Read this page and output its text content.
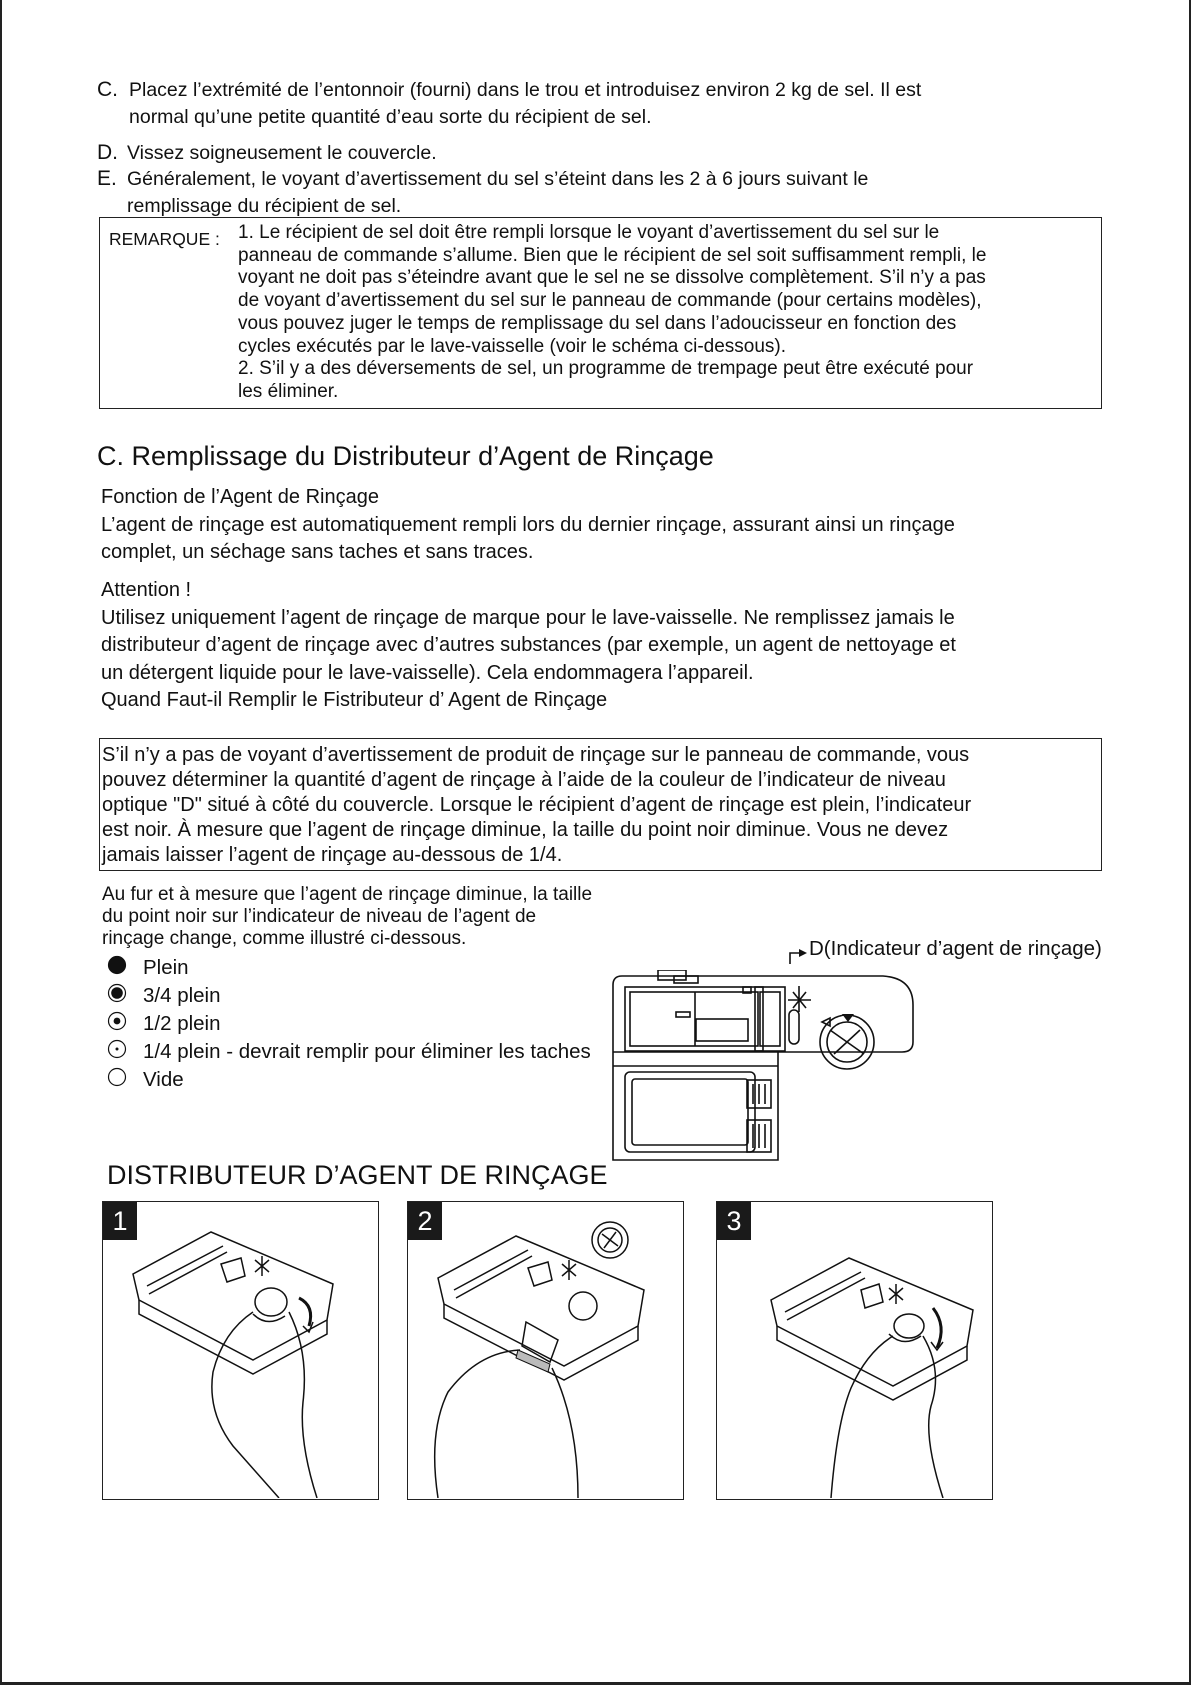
C. Placez l’extrémité de l’entonnoir (fourni) dans le trou et introduisez environ 2 kg de sel. Il est
normal qu’une petite quantité d’eau sorte du récipient de sel.
D. Vissez soigneusement le couvercle.
E. Généralement, le voyant d’avertissement du sel s’éteint dans les 2 à 6 jours suivant le
remplissage du récipient de sel.
REMARQUE : 1. Le récipient de sel doit être rempli lorsque le voyant d’avertissement du sel sur le
panneau de commande s’allume. Bien que le récipient de sel soit suffisamment rempli, le
voyant ne doit pas s’éteindre avant que le sel ne se dissolve complètement. S’il n’y a pas
de voyant d’avertissement du sel sur le panneau de commande (pour certains modèles),
vous pouvez juger le temps de remplissage du sel dans l’adoucisseur en fonction des
cycles exécutés par le lave-vaisselle (voir le schéma ci-dessous).
2. S’il y a des déversements de sel, un programme de trempage peut être exécuté pour
les éliminer.
C. Remplissage du Distributeur d’Agent de Rinçage
Fonction de l’Agent de Rinçage
L’agent de rinçage est automatiquement rempli lors du dernier rinçage, assurant ainsi un rinçage
complet, un séchage sans taches et sans traces.
Attention !
Utilisez uniquement l’agent de rinçage de marque pour le lave-vaisselle. Ne remplissez jamais le
distributeur d’agent de rinçage avec d’autres substances (par exemple, un agent de nettoyage et
un détergent liquide pour le lave-vaisselle). Cela endommagera l’appareil.
Quand Faut-il Remplir le Fistributeur d’ Agent de Rinçage
S’il n’y a pas de voyant d’avertissement de produit de rinçage sur le panneau de commande, vous
pouvez déterminer la quantité d’agent de rinçage à l’aide de la couleur de l’indicateur de niveau
optique "D" situé à côté du couvercle. Lorsque le récipient d’agent de rinçage est plein, l’indicateur
est noir. À mesure que l’agent de rinçage diminue, la taille du point noir diminue. Vous ne devez
jamais laisser l’agent de rinçage au-dessous de 1/4.
Au fur et à mesure que l’agent de rinçage diminue, la taille
du point noir sur l’indicateur de niveau de l’agent de
rinçage change, comme illustré ci-dessous.
Plein
3/4 plein
1/2 plein
1/4 plein - devrait remplir pour éliminer les taches
Vide
D(Indicateur d’agent de rinçage)
DISTRIBUTEUR D’AGENT DE RINÇAGE
1	2	3
